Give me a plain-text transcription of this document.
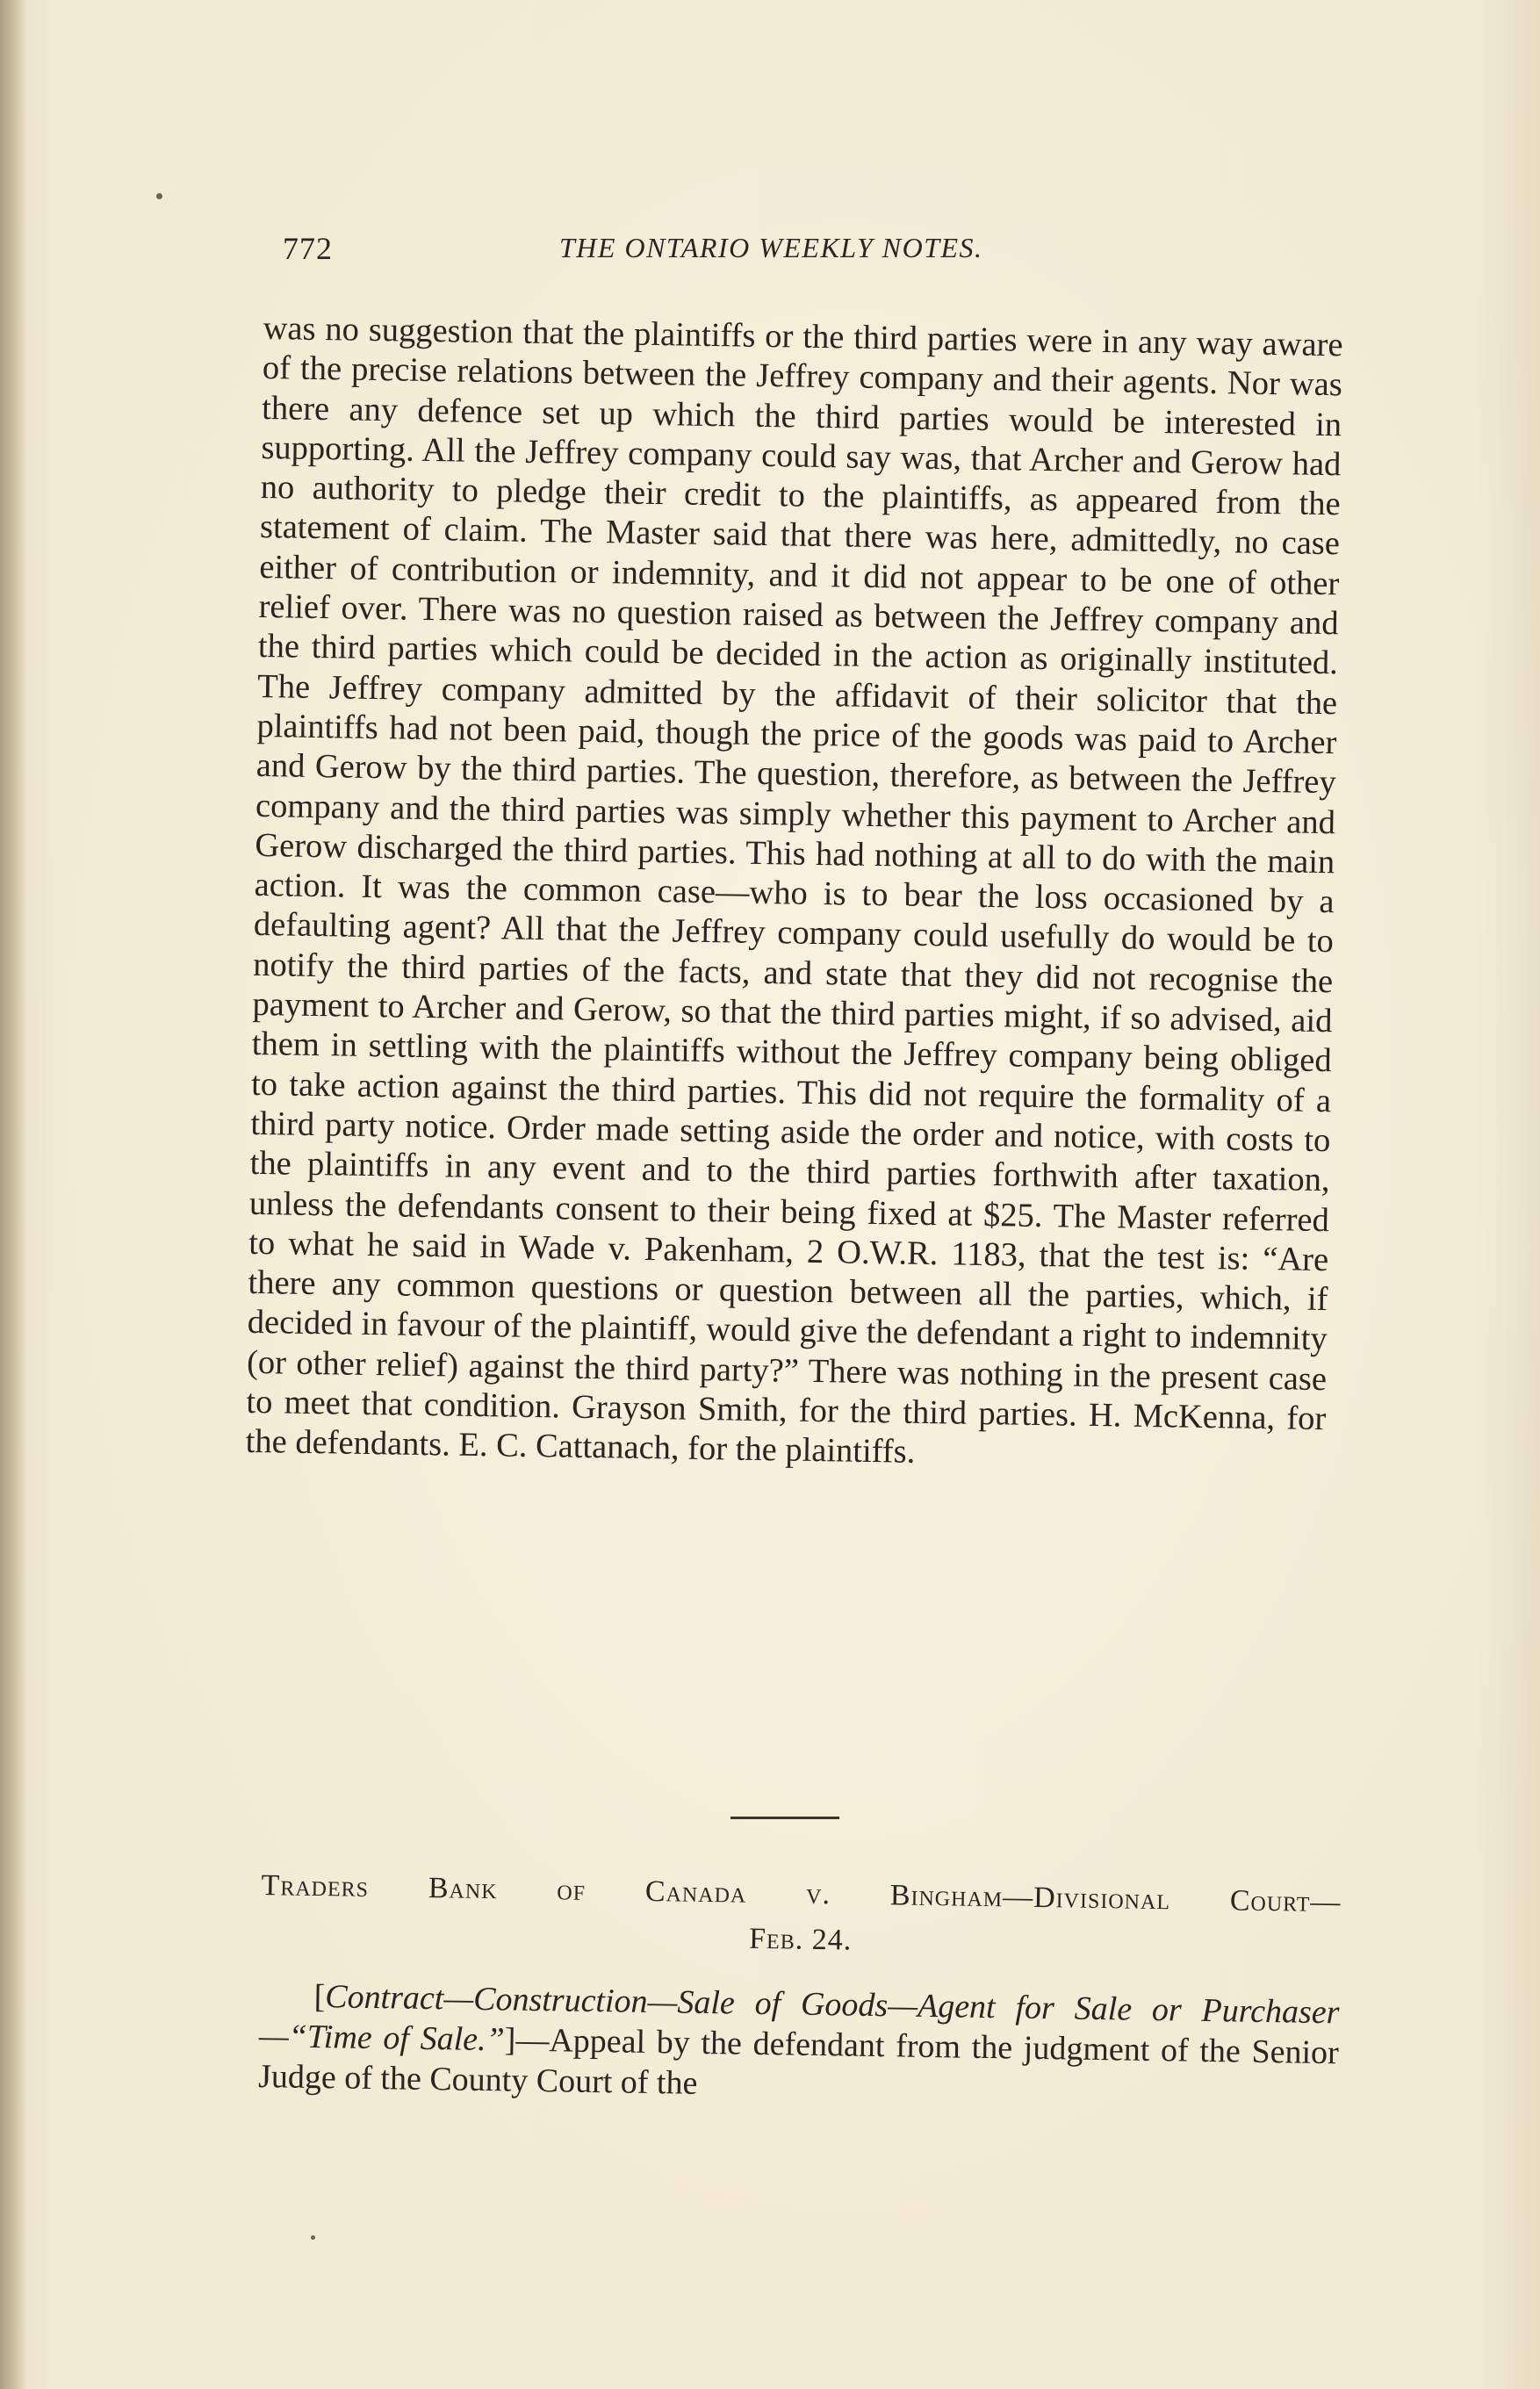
772	THE ONTARIO WEEKLY NOTES.
was no suggestion that the plaintiffs or the third parties were in any way aware of the precise relations between the Jeffrey company and their agents. Nor was there any defence set up which the third parties would be interested in supporting. All the Jeffrey company could say was, that Archer and Gerow had no authority to pledge their credit to the plaintiffs, as appeared from the statement of claim. The Master said that there was here, admittedly, no case either of contribution or indemnity, and it did not appear to be one of other relief over. There was no question raised as between the Jeffrey company and the third parties which could be decided in the action as originally instituted. The Jeffrey company admitted by the affidavit of their solicitor that the plaintiffs had not been paid, though the price of the goods was paid to Archer and Gerow by the third parties. The question, therefore, as between the Jeffrey company and the third parties was simply whether this payment to Archer and Gerow discharged the third parties. This had nothing at all to do with the main action. It was the common case—who is to bear the loss occasioned by a defaulting agent? All that the Jeffrey company could usefully do would be to notify the third parties of the facts, and state that they did not recognise the payment to Archer and Gerow, so that the third parties might, if so advised, aid them in settling with the plaintiffs without the Jeffrey company being obliged to take action against the third parties. This did not require the formality of a third party notice. Order made setting aside the order and notice, with costs to the plaintiffs in any event and to the third parties forthwith after taxation, unless the defendants consent to their being fixed at $25. The Master referred to what he said in Wade v. Pakenham, 2 O.W.R. 1183, that the test is: “Are there any common questions or question between all the parties, which, if decided in favour of the plaintiff, would give the defendant a right to indemnity (or other relief) against the third party?” There was nothing in the present case to meet that condition. Grayson Smith, for the third parties. H. McKenna, for the defendants. E. C. Cattanach, for the plaintiffs.
Traders Bank of Canada v. Bingham—Divisional Court—
Feb. 24.
[Contract—Construction—Sale of Goods—Agent for Sale or Purchaser—“Time of Sale.”]—Appeal by the defendant from the judgment of the Senior Judge of the County Court of the
